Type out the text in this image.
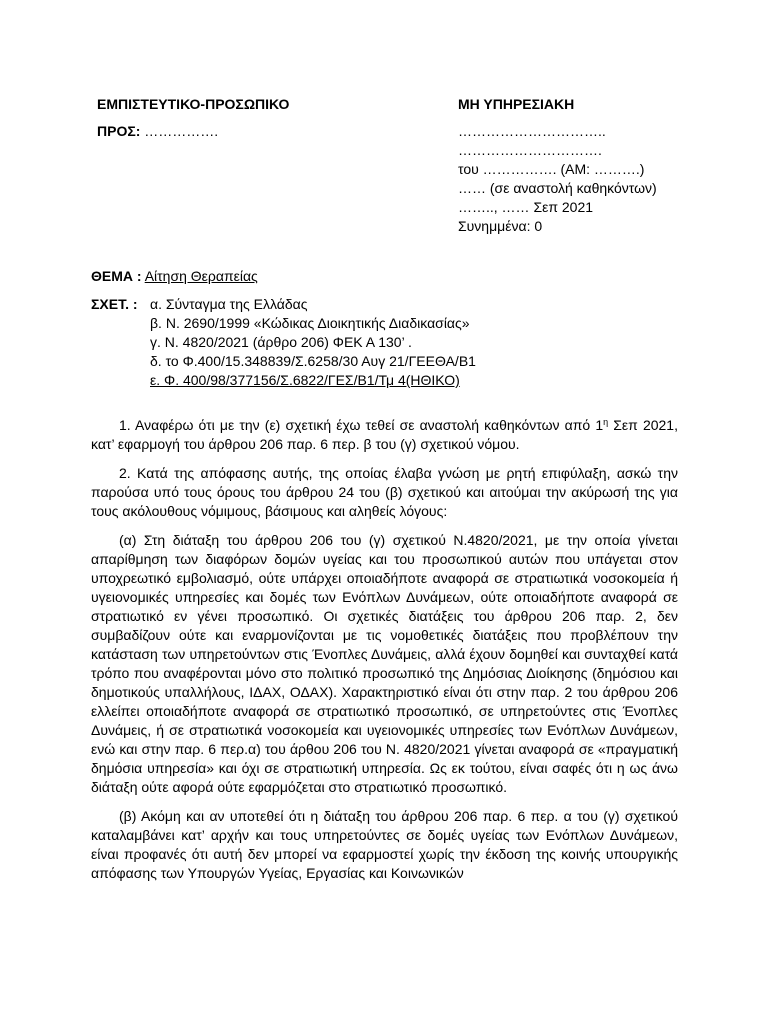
ΕΜΠΙΣΤΕΥΤΙΚΟ-ΠΡΟΣΩΠΙΚΟ
ΠΡΟΣ: …………….
ΜΗ ΥΠΗΡΕΣΙΑΚΗ
…………………………..
………………………….
του ……………. (ΑΜ: ……….)
…… (σε αναστολή καθηκόντων)
…….., …… Σεπ 2021
Συνημμένα: 0
ΘΕΜΑ : Αίτηση Θεραπείας
ΣΧΕΤ. : α. Σύνταγμα της Ελλάδας
β. Ν. 2690/1999 «Κώδικας Διοικητικής Διαδικασίας»
γ. Ν. 4820/2021 (άρθρο 206) ΦΕΚ Α 130’ .
δ. το Φ.400/15.348839/Σ.6258/30 Αυγ 21/ΓΕΕΘΑ/Β1
ε. Φ. 400/98/377156/Σ.6822/ΓΕΣ/Β1/Τμ 4(ΗΘΙΚΟ)

1. Αναφέρω ότι με την (ε) σχετική έχω τεθεί σε αναστολή καθηκόντων από $1^\eta$ Σεπ 2021, κατ’ εφαρμογή του άρθρου 206 παρ. 6 περ. β του (γ) σχετικού νόμου.

2. Κατά της απόφασης αυτής, της οποίας έλαβα γνώση με ρητή επιφύλαξη, ασκώ την παρούσα υπό τους όρους του άρθρου 24 του (β) σχετικού και αιτούμαι την ακύρωσή της για τους ακόλουθους νόμιμους, βάσιμους και αληθείς λόγους:

(α) Στη διάταξη του άρθρου 206 του (γ) σχετικού Ν.4820/2021, με την οποία γίνεται απαρίθμηση των διαφόρων δομών υγείας και του προσωπικού αυτών που υπάγεται στον υποχρεωτικό εμβολιασμό, ούτε υπάρχει οποιαδήποτε αναφορά σε στρατιωτικά νοσοκομεία ή υγειονομικές υπηρεσίες και δομές των Ενόπλων Δυνάμεων, ούτε οποιαδήποτε αναφορά σε στρατιωτικό εν γένει προσωπικό. Οι σχετικές διατάξεις του άρθρου 206 παρ. 2, δεν συμβαδίζουν ούτε και εναρμονίζονται με τις νομοθετικές διατάξεις που προβλέπουν την κατάσταση των υπηρετούντων στις Ένοπλες Δυνάμεις, αλλά έχουν δομηθεί και συνταχθεί κατά τρόπο που αναφέρονται μόνο στο πολιτικό προσωπικό της Δημόσιας Διοίκησης (δημόσιου και δημοτικούς υπαλλήλους, ΙΔΑΧ, ΟΔΑΧ). Χαρακτηριστικό είναι ότι στην παρ. 2 του άρθρου 206 ελλείπει οποιαδήποτε αναφορά σε στρατιωτικό προσωπικό, σε υπηρετούντες στις Ένοπλες Δυνάμεις, ή σε στρατιωτικά νοσοκομεία και υγειονομικές υπηρεσίες των Ενόπλων Δυνάμεων, ενώ και στην παρ. 6 περ.α) του άρθου 206 του Ν. 4820/2021 γίνεται αναφορά σε «πραγματική δημόσια υπηρεσία» και όχι σε στρατιωτική υπηρεσία. Ως εκ τούτου, είναι σαφές ότι η ως άνω διάταξη ούτε αφορά ούτε εφαρμόζεται στο στρατιωτικό προσωπικό.

(β) Ακόμη και αν υποτεθεί ότι η διάταξη του άρθρου 206 παρ. 6 περ. α του (γ) σχετικού καταλαμβάνει κατ’ αρχήν και τους υπηρετούντες σε δομές υγείας των Ενόπλων Δυνάμεων, είναι προφανές ότι αυτή δεν μπορεί να εφαρμοστεί χωρίς την έκδοση της κοινής υπουργικής απόφασης των Υπουργών Υγείας, Εργασίας και Κοινωνικών
